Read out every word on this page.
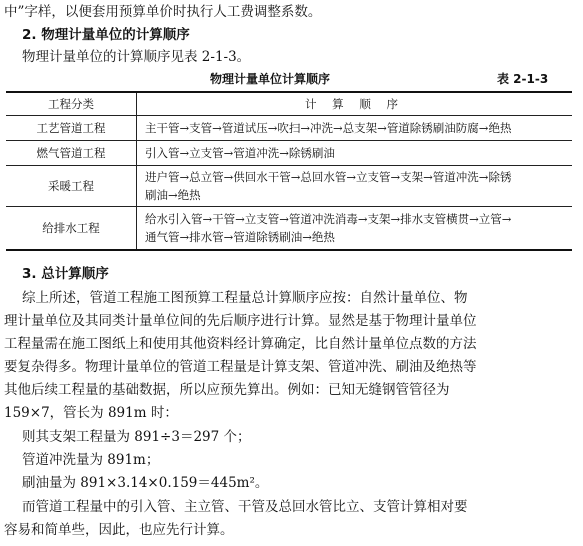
中”字样，以便套用预算单价时执行人工费调整系数。
2. 物理计量单位的计算顺序
物理计量单位的计算顺序见表 2-1-3。
物理计量单位计算顺序	表 2-1-3
工程分类	计 算 顺 序
工艺管道工程	主干管→支管→管道试压→吹扫→冲洗→总支架→管道除锈刷油防腐→绝热
燃气管道工程	引入管→立支管→管道冲洗→除锈刷油
采暖工程	进户管→总立管→供回水干管→总回水管→立支管→支架→管道冲洗→除锈
刷油→绝热

给排水工程	给水引入管→干管→立支管→管道冲洗消毒→支架→排水支管横贯→立管→
通气管→排水管→管道除锈刷油→绝热
3. 总计算顺序
综上所述，管道工程施工图预算工程量总计算顺序应按：自然计量单位、物
理计量单位及其同类计量单位间的先后顺序进行计算。显然是基于物理计量单位
工程量需在施工图纸上和使用其他资料经计算确定，比自然计量单位点数的方法
要复杂得多。物理计量单位的管道工程量是计算支架、管道冲洗、刷油及绝热等
其他后续工程量的基础数据，所以应预先算出。例如：已知无缝钢管管径为
159×7，管长为 891m 时：
则其支架工程量为 891÷3＝297 个；
管道冲洗量为 891m；
刷油量为 891×3.14×0.159＝445m²。
而管道工程量中的引入管、主立管、干管及总回水管比立、支管计算相对要
容易和简单些，因此，也应先行计算。
